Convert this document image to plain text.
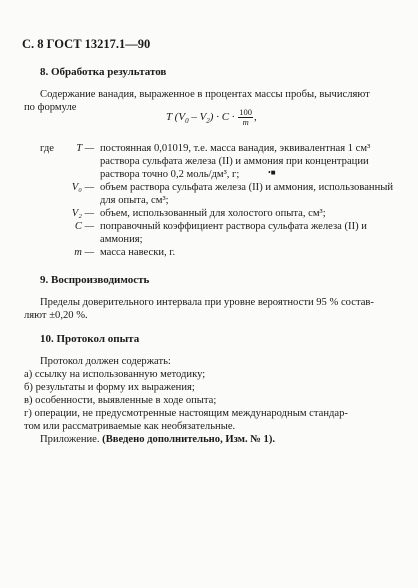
С. 8 ГОСТ 13217.1—90
8. Обработка результатов
Содержание ванадия, выраженное в процентах массы пробы, вычисляют
по формуле
T $(V_0 - V_2) \cdot C \cdot \frac{100}{m}$ ,
где	T — постоянная 0,01019, т.е. масса ванадия, эквивалентная 1 см³
раствора сульфата железа (II) и аммония при концентрации
раствора точно 0,2 моль/дм³, г;	•■
V₀ — объем раствора сульфата железа (II) и аммония, использованный
для опыта, см³;
V₂ — объем, использованный для холостого опыта, см³;
C — поправочный коэффициент раствора сульфата железа (II) и
аммония;
m — масса навески, г.
9. Воспроизводимость
Пределы доверительного интервала при уровне вероятности 95 % состав-
ляют ±0,20 %.
10. Протокол опыта
Протокол должен содержать:
а) ссылку на использованную методику;
б) результаты и форму их выражения;
в) особенности, выявленные в ходе опыта;
г) операции, не предусмотренные настоящим международным стандар-
том или рассматриваемые как необязательные.
Приложение. (Введено дополнительно, Изм. № 1).
